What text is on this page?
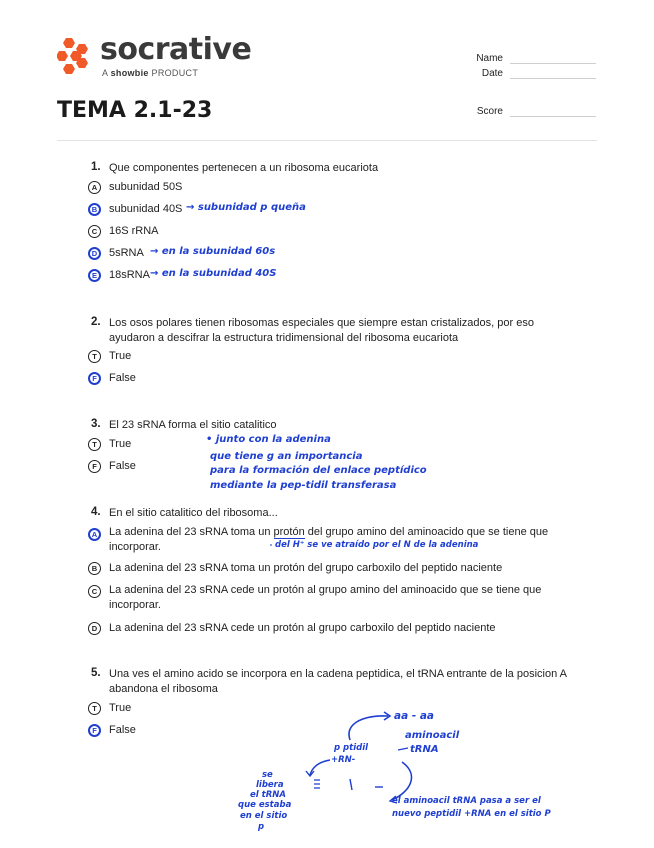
socrative
A showbie PRODUCT
Name
Date
Score
TEMA 2.1-23
1. Que componentes pertenecen a un ribosoma eucariota
A	subunidad 50S
B	subunidad 40S → subunidad p queña
C	16S rRNA
D	5sRNA → en la subunidad 60s
E	18sRNA → en la subunidad 40S
2. Los osos polares tienen ribosomas especiales que siempre estan cristalizados, por eso ayudaron a descifrar la estructura tridimensional del ribosoma eucariota
T	True
F	False
3. El 23 sRNA forma el sitio catalitico
T	True
F	False
• junto con la adenina
que tiene g an importancia
para la formación del enlace peptídico
mediante la pep-tidil transferasa
4. En el sitio catalitico del ribosoma...
A	La adenina del 23 sRNA toma un protón del grupo amino del aminoacido que se tiene que incorporar.	del H⁺ se ve atraído por el N de la adenina
B	La adenina del 23 sRNA toma un protón del grupo carboxilo del peptido naciente
C	La adenina del 23 sRNA cede un protón al grupo amino del aminoacido que se tiene que incorporar.
D	La adenina del 23 sRNA cede un protón al grupo carboxilo del peptido naciente
5. Una ves el amino acido se incorpora en la cadena peptidica, el tRNA entrante de la posicion A abandona el ribosoma
T	True
F	False
aa - aa
aminoacil
tRNA
p ptidil
+RN-
se
libera
el tRNA
que estaba
en el sitio
p
el aminoacil tRNA pasa a ser el
nuevo peptidil +RNA en el sitio P
